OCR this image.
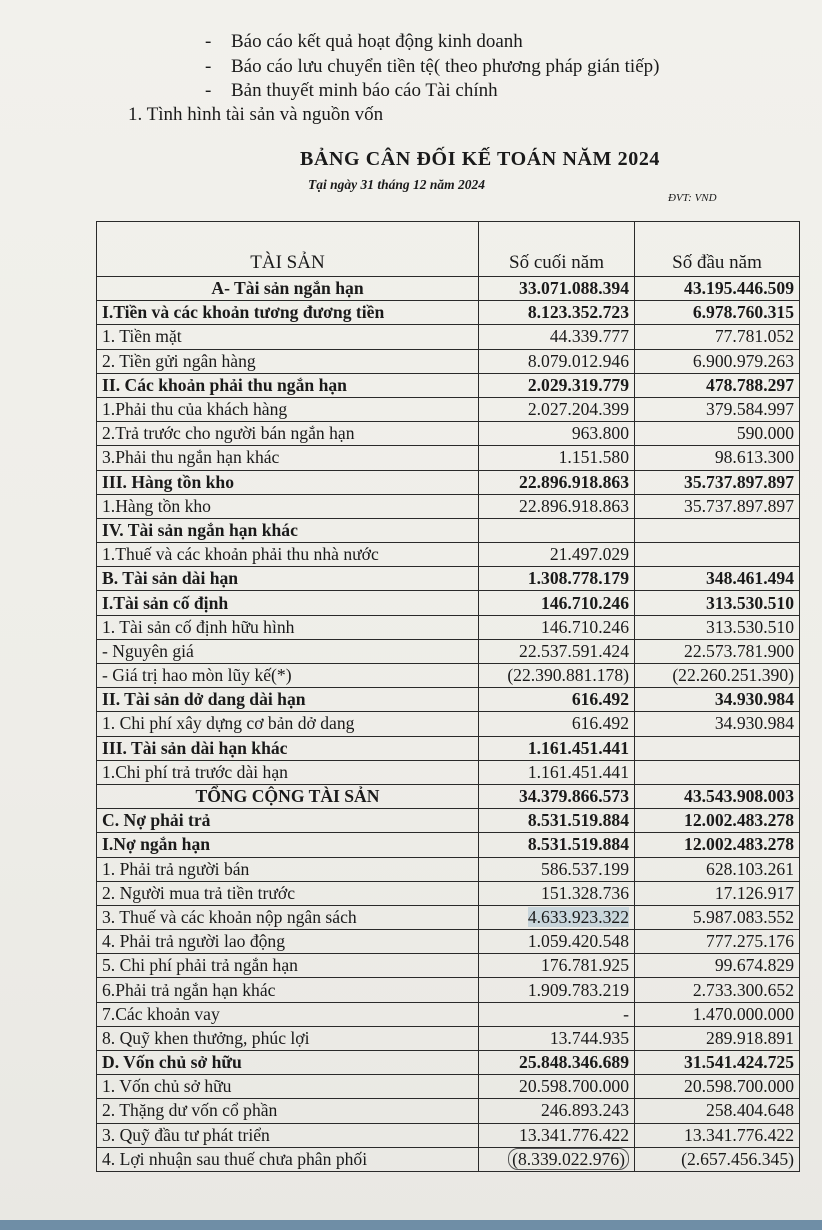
-	Báo cáo kết quả hoạt động kinh doanh
-	Báo cáo lưu chuyển tiền tệ( theo phương pháp gián tiếp)
-	Bản thuyết minh báo cáo Tài chính
1. Tình hình tài sản và nguồn vốn
BẢNG CÂN ĐỐI KẾ TOÁN NĂM 2024
Tại ngày 31 tháng 12 năm 2024
ĐVT: VND
TÀI SẢN	Số cuối năm	Số đầu năm
A- Tài sản ngắn hạn	33.071.088.394	43.195.446.509
I.Tiền và các khoản tương đương tiền	8.123.352.723	6.978.760.315
1. Tiền mặt	44.339.777	77.781.052
2. Tiền gửi ngân hàng	8.079.012.946	6.900.979.263
II. Các khoản phải thu ngắn hạn	2.029.319.779	478.788.297
1.Phải thu của khách hàng	2.027.204.399	379.584.997
2.Trả trước cho người bán ngắn hạn	963.800	590.000
3.Phải thu ngắn hạn khác	1.151.580	98.613.300
III. Hàng tồn kho	22.896.918.863	35.737.897.897
1.Hàng tồn kho	22.896.918.863	35.737.897.897
IV. Tài sản ngắn hạn khác		
1.Thuế và các khoản phải thu nhà nước	21.497.029	
B. Tài sản dài hạn	1.308.778.179	348.461.494
I.Tài sản cố định	146.710.246	313.530.510
1. Tài sản cố định hữu hình	146.710.246	313.530.510
- Nguyên giá	22.537.591.424	22.573.781.900
- Giá trị hao mòn lũy kế(*)	(22.390.881.178)	(22.260.251.390)
II. Tài sản dở dang dài hạn	616.492	34.930.984
1. Chi phí xây dựng cơ bản dở dang	616.492	34.930.984
III. Tài sản dài hạn khác	1.161.451.441	
1.Chi phí trả trước dài hạn	1.161.451.441	
TỔNG CỘNG TÀI SẢN	34.379.866.573	43.543.908.003
C. Nợ phải trả	8.531.519.884	12.002.483.278
I.Nợ ngắn hạn	8.531.519.884	12.002.483.278
1. Phải trả người bán	586.537.199	628.103.261
2. Người mua trả tiền trước	151.328.736	17.126.917
3. Thuế và các khoản nộp ngân sách	4.633.923.322	5.987.083.552
4. Phải trả người lao động	1.059.420.548	777.275.176
5. Chi phí phải trả ngắn hạn	176.781.925	99.674.829
6.Phải trả ngắn hạn khác	1.909.783.219	2.733.300.652
7.Các khoản vay	-	1.470.000.000
8. Quỹ khen thưởng, phúc lợi	13.744.935	289.918.891
D. Vốn chủ sở hữu	25.848.346.689	31.541.424.725
1. Vốn chủ sở hữu	20.598.700.000	20.598.700.000
2. Thặng dư vốn cổ phần	246.893.243	258.404.648
3. Quỹ đầu tư phát triển	13.341.776.422	13.341.776.422
4. Lợi nhuận sau thuế chưa phân phối	(8.339.022.976)	(2.657.456.345)
